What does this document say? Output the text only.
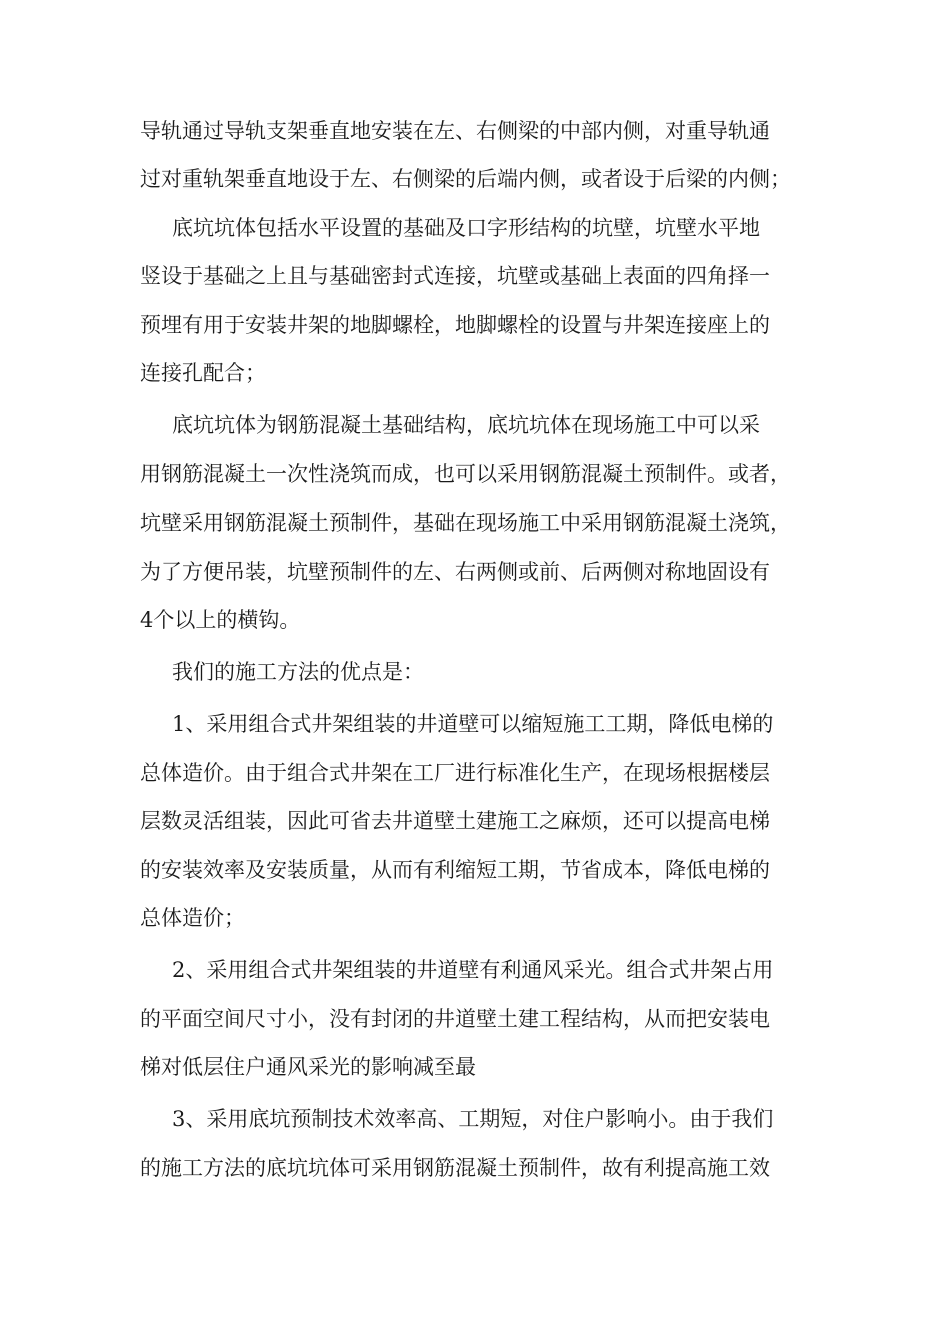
导轨通过导轨支架垂直地安装在左、右侧梁的中部内侧，对重导轨通
过对重轨架垂直地设于左、右侧梁的后端内侧，或者设于后梁的内侧；
底坑坑体包括水平设置的基础及口字形结构的坑壁，坑壁水平地
竖设于基础之上且与基础密封式连接，坑壁或基础上表面的四角择一
预埋有用于安装井架的地脚螺栓，地脚螺栓的设置与井架连接座上的
连接孔配合；
底坑坑体为钢筋混凝土基础结构，底坑坑体在现场施工中可以采
用钢筋混凝土一次性浇筑而成，也可以采用钢筋混凝土预制件。或者，
坑壁采用钢筋混凝土预制件，基础在现场施工中采用钢筋混凝土浇筑，
为了方便吊装，坑壁预制件的左、右两侧或前、后两侧对称地固设有
4个以上的横钩。
我们的施工方法的优点是：
1、采用组合式井架组装的井道壁可以缩短施工工期，降低电梯的
总体造价。由于组合式井架在工厂进行标准化生产，在现场根据楼层
层数灵活组装，因此可省去井道壁土建施工之麻烦，还可以提高电梯
的安装效率及安装质量，从而有利缩短工期，节省成本，降低电梯的
总体造价；
2、采用组合式井架组装的井道壁有利通风采光。组合式井架占用
的平面空间尺寸小，没有封闭的井道壁土建工程结构，从而把安装电
梯对低层住户通风采光的影响减至最
3、采用底坑预制技术效率高、工期短，对住户影响小。由于我们
的施工方法的底坑坑体可采用钢筋混凝土预制件，故有利提高施工效
